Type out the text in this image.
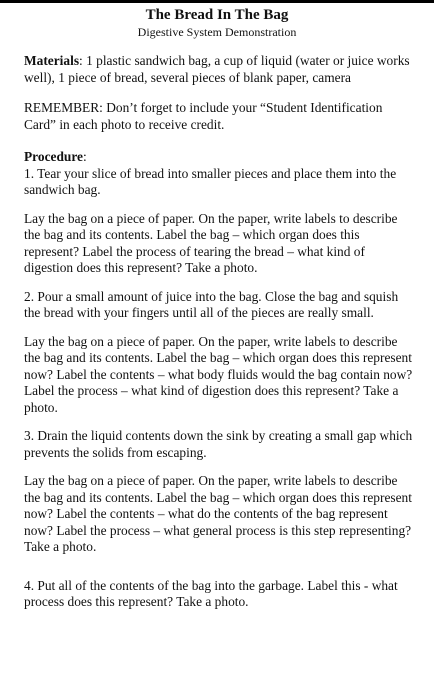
The Bread In The Bag
Digestive System Demonstration

Materials: 1 plastic sandwich bag, a cup of liquid (water or juice works well), 1 piece of bread, several pieces of blank paper, camera

REMEMBER: Don’t forget to include your “Student Identification Card” in each photo to receive credit.

Procedure:

1. Tear your slice of bread into smaller pieces and place them into the sandwich bag.

Lay the bag on a piece of paper. On the paper, write labels to describe the bag and its contents. Label the bag – which organ does this represent? Label the process of tearing the bread – what kind of digestion does this represent? Take a photo.

2. Pour a small amount of juice into the bag. Close the bag and squish the bread with your fingers until all of the pieces are really small.

Lay the bag on a piece of paper. On the paper, write labels to describe the bag and its contents. Label the bag – which organ does this represent now? Label the contents – what body fluids would the bag contain now? Label the process – what kind of digestion does this represent? Take a photo.

3. Drain the liquid contents down the sink by creating a small gap which prevents the solids from escaping.

Lay the bag on a piece of paper. On the paper, write labels to describe the bag and its contents. Label the bag – which organ does this represent now? Label the contents – what do the contents of the bag represent now? Label the process – what general process is this step representing? Take a photo.

4. Put all of the contents of the bag into the garbage. Label this - what process does this represent? Take a photo.
